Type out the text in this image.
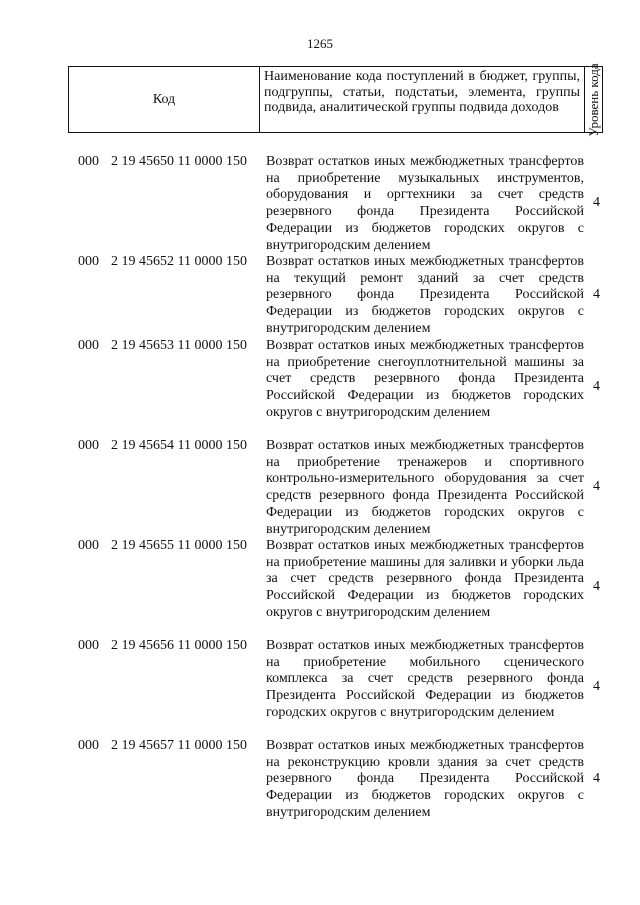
1265
Код
Наименование кода поступлений в бюджет, группы, подгруппы, статьи, подстатьи, элемента, группы подвида, аналитической группы подвида доходов	Уровень кода
000 2 19 45650 11 0000 150 Возврат остатков иных межбюджетных трансфертов на приобретение музыкальных инструментов, оборудования и оргтехники за счет средств резервного фонда Президента Российской Федерации из бюджетов городских округов с внутригородским делением
4
000 2 19 45652 11 0000 150 Возврат остатков иных межбюджетных трансфертов на текущий ремонт зданий за счет средств резервного фонда Президента Российской Федерации из бюджетов городских округов с внутригородским делением
4
000 2 19 45653 11 0000 150 Возврат остатков иных межбюджетных трансфертов на приобретение снегоуплотнительной машины за счет средств резервного фонда Президента Российской Федерации из бюджетов городских округов с внутригородским делением
4
000 2 19 45654 11 0000 150 Возврат остатков иных межбюджетных трансфертов на приобретение тренажеров и спортивного контрольно-измерительного оборудования за счет средств резервного фонда Президента Российской Федерации из бюджетов городских округов с внутригородским делением
4
000 2 19 45655 11 0000 150 Возврат остатков иных межбюджетных трансфертов на приобретение машины для заливки и уборки льда за счет средств резервного фонда Президента Российской Федерации из бюджетов городских округов с внутригородским делением
4
000 2 19 45656 11 0000 150 Возврат остатков иных межбюджетных трансфертов на приобретение мобильного сценического комплекса за счет средств резервного фонда Президента Российской Федерации из бюджетов городских округов с внутригородским делением
4
000 2 19 45657 11 0000 150 Возврат остатков иных межбюджетных трансфертов на реконструкцию кровли здания за счет средств резервного фонда Президента Российской Федерации из бюджетов городских округов с внутригородским делением
4
